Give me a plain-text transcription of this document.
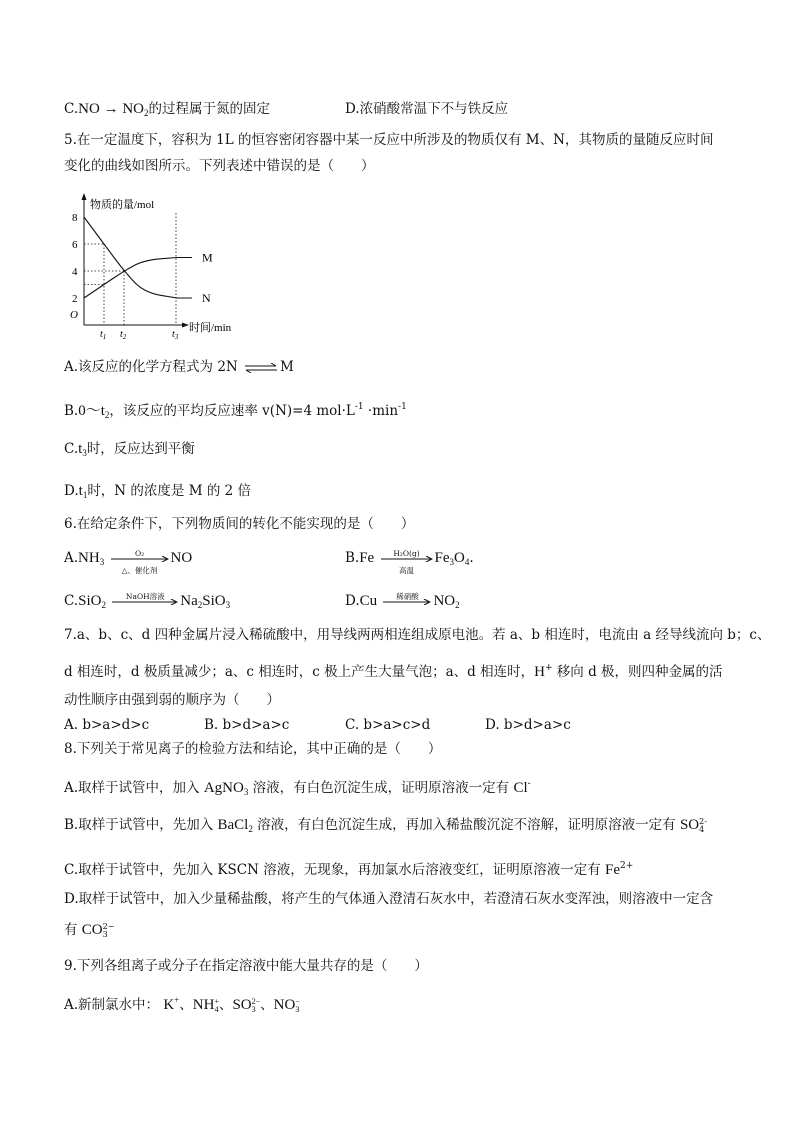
$C.NO \to NO_2$的过程属于氮的固定	D.浓硝酸常温下不与铁反应
5.在一定温度下，容积为 1L 的恒容密闭容器中某一反应中所涉及的物质仅有 M、N，其物质的量随反应时间
变化的曲线如图所示。下列表述中错误的是（　　）
物质的量/mol
时间/min
O
2
4
6
8
$t_1$ $t_2$	$t_3$
M
N
A.该反应的化学方程式为 2N ⇌ M
$B.0\sim t_2$，该反应的平均反应速率 v(N)=4 $mol\cdot L^{-1} \cdot\min^{-1}$
$C.t_3$时，反应达到平衡
$D.t_1$时，N 的浓度是 M 的 2 倍
6.在给定条件下，下列物质间的转化不能实现的是（　　）
$A.NH_3$
O₂
△、催化剂
NO	B.Fe	H₂O(g)
高温
$Fe_3O_4$.
C.SiO$_2$
NaOH溶液	$Na_2SiO_3$	D.Cu	稀硝酸 $NO_2$
7.a、b、c、d 四种金属片浸入稀硫酸中，用导线两两相连组成原电池。若 a、b 相连时，电流由 a 经导线流向 b；c、
d 相连时，d 极质量减少；a、c 相连时，c 极上产生大量气泡；a、d 相连时，H+ 移向 d 极，则四种金属的活
动性顺序由强到弱的顺序为（　　）
A. b>a>d>c	B. b>d>a>c	C. b>a>c>d	D. b>d>a>c
8.下列关于常见离子的检验方法和结论，其中正确的是（　　）
A.取样于试管中，加入 AgNO$_3$ 溶液，有白色沉淀生成，证明原溶液一定有 Cl-
B.取样于试管中，先加入 BaCl$_2$ 溶液，有白色沉淀生成，再加入稀盐酸沉淀不溶解，证明原溶液一定有 SO 2-
4
C.取样于试管中，先加入 KSCN 溶液，无现象，再加氯水后溶液变红，证明原溶液一定有 $Fe^{2+}$
D.取样于试管中，加入少量稀盐酸，将产生的气体通入澄清石灰水中，若澄清石灰水变浑浊，则溶液中一定含
有 CO 2−
3
9.下列各组离子或分子在指定溶液中能大量共存的是（　　）
A.新制氯水中： K+、NH +
4 、SO 2−
3 、NO −
3
